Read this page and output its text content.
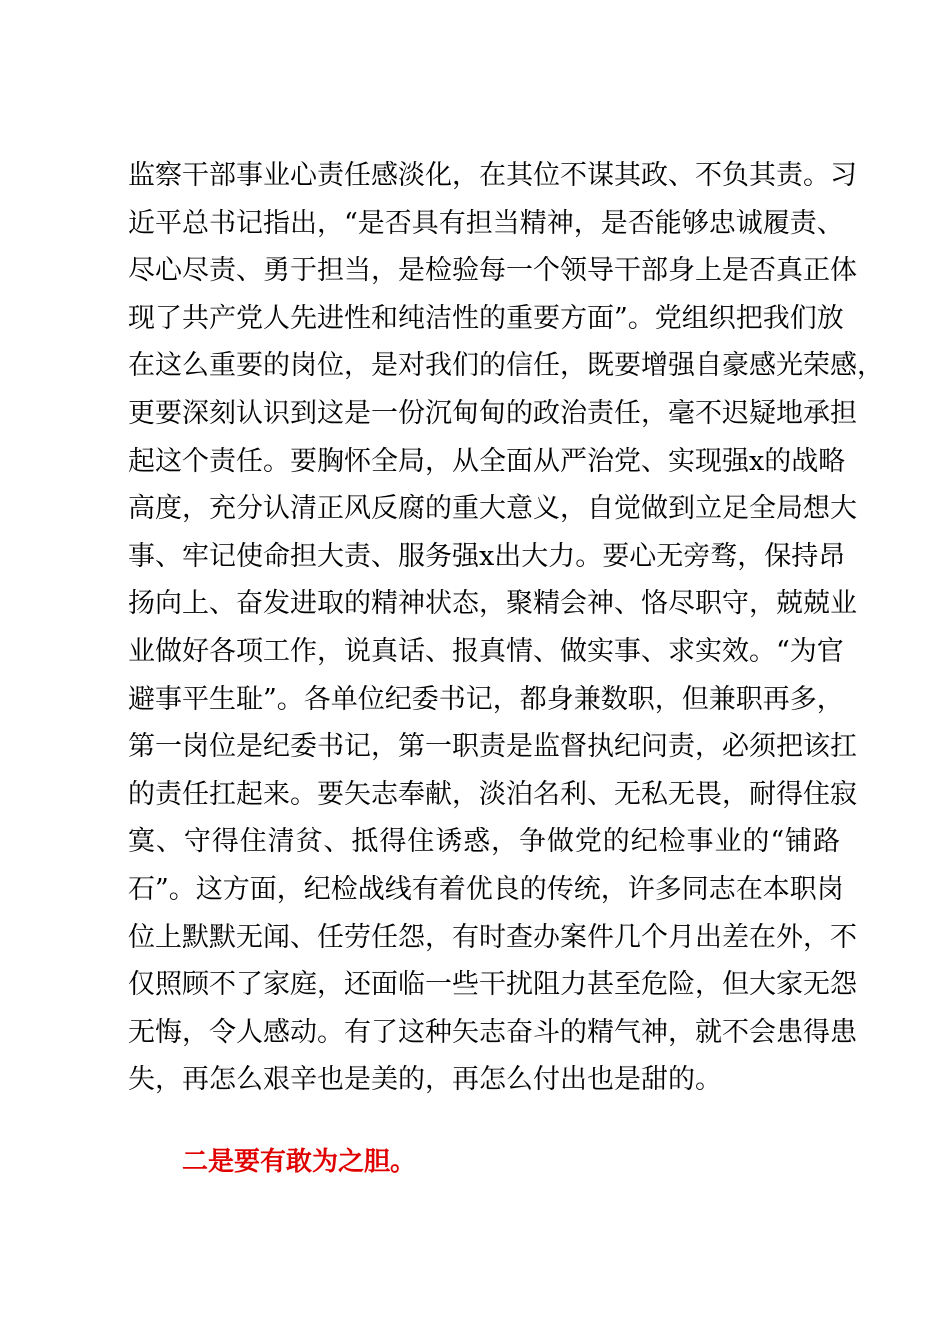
监察干部事业心责任感淡化，在其位不谋其政、不负其责。习
近平总书记指出，“是否具有担当精神，是否能够忠诚履责、
尽心尽责、勇于担当，是检验每一个领导干部身上是否真正体
现了共产党人先进性和纯洁性的重要方面”。党组织把我们放
在这么重要的岗位，是对我们的信任，既要增强自豪感光荣感，
更要深刻认识到这是一份沉甸甸的政治责任，毫不迟疑地承担
起这个责任。要胸怀全局，从全面从严治党、实现强x的战略
高度，充分认清正风反腐的重大意义，自觉做到立足全局想大
事、牢记使命担大责、服务强x出大力。要心无旁骛，保持昂
扬向上、奋发进取的精神状态，聚精会神、恪尽职守，兢兢业
业做好各项工作，说真话、报真情、做实事、求实效。“为官
避事平生耻”。各单位纪委书记，都身兼数职，但兼职再多，
第一岗位是纪委书记，第一职责是监督执纪问责，必须把该扛
的责任扛起来。要矢志奉献，淡泊名利、无私无畏，耐得住寂
寞、守得住清贫、抵得住诱惑，争做党的纪检事业的“铺路
石”。这方面，纪检战线有着优良的传统，许多同志在本职岗
位上默默无闻、任劳任怨，有时查办案件几个月出差在外，不
仅照顾不了家庭，还面临一些干扰阻力甚至危险，但大家无怨
无悔，令人感动。有了这种矢志奋斗的精气神，就不会患得患
失，再怎么艰辛也是美的，再怎么付出也是甜的。
二是要有敢为之胆。
